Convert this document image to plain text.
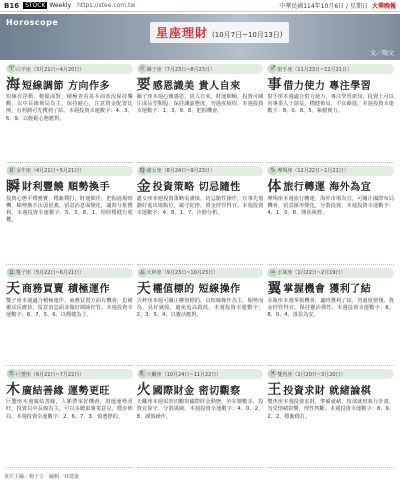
B16	STOCK Weekly https://stee.com.tw	中華民國114年10月6日 / 星期日 大華晚報
Horoscope
星座理財 (10月7日~10月13日)
文／陶文
♈ 白羊座（3月21日~4月20日）
海 短線調節 方向作多
短線有浮動，輕鬆面對，積極查看基本面狀況保持樂觀，以中長線佈局為主，保持耐心，注意資金配置比例，有利潤可先獲利了結。本週投資幸運數字：4、3、6、9、以輕鬆心態應對。
♉ 金牛座（4月21日~5月21日）
瞬 財利豐饒 順勢換手
投資心態平穩務實，穩紮穩打，財運頗佳，把握進場時機，順勢換手汰弱留強，留意消息面變化，適時分批獲利。本週投資幸運數字：5、3、8、1、理財穩健有收穫。
♊ 雙子座（5月22日~6月21日）
天 商務買賣 積極運作
雙子座本週適合積極運作，商務買賣方面有機會，思緒靈活反應快，留意消息面並做好風險控管。本週投資幸運數字：8、7、5、6、以穩健為主。
♋ 巨蟹座（6月22日~7月22日）
木 廣結善緣 運勢更旺
巨蟹座本週廣結善緣，人脈帶來好機會，財運運勢更旺，投資以中長線為主，可以多聽取專業意見，穩步佈局。本週投資幸運數字：2、6、7、3、慎選標的。
♌ 獅子座（7月23日~8月23日）
要 感恩識美 貴人自來
獅子座本週心懷感恩，貴人自來，財運順暢，投資可關注成長型類股，保持謙虛態度，勿過度槓桿。本週投資幸運數字：1、3、9、8、把握機會。
♍ 處女座（8月24日~9月23日）
金 投資策略 切忌隨性
處女座本週投資策略需謹慎，切忌隨性操作，宜事先規劃好進出場點位，嚴守紀律，資金控管得宜。本週投資幸運數字：4、8、1、7、冷靜分析。
♎ 天秤座（9月23日~10月23日）
天 權值標的 短線操作
天秤座本週可關注權值標的，以短線操作為主，順勢而為，見好就收，避免追高殺低。本週投資幸運數字：2、3、5、4、以靈活應對。
♏ 天蠍座（10月24日~11月22日）
火 國際財金 密切觀察
天蠍座本週需密切觀察國際財金動態，外在變數多，投資宜保守，分散風險。本週投資幸運數字：4、0、2、8、謹慎操作。
♐ 射手座（11月23日~12月21日）
事 借力使力 專注學習
射手座本週適合借力使力，專注學習新知，投資上可以向專業人士請益，穩健佈局，不宜躁進。本週投資幸運數字：8、0、8、5、累積實力。
♑ 摩羯座（12月22日~1月21日）
体 旅行轉運 海外為宜
摩羯座本週旅行轉運，海外市場為宜，可關注國際布局機會，留意匯率變化，分散投資。本週投資幸運數字：4、1、0、8、開拓視野。
♒ 水瓶座（1月22日~2月19日）
翼 掌握機會 獲利了結
水瓶座本週掌握機會，適時獲利了結，勿過度戀棧，資金控管得宜，保持靈活彈性。本週投資幸運數字：8、8、0、4、落袋為安。
♓ 雙魚座（2月20日~3月20日）
王 投資求財 就緒論棋
雙魚座本週投資求財，準備就緒，按部就班執行計畫，勿受情緒影響，理性判斷。本週投資幸運數字：8、9、2、2、穩紮穩打。
責任主編／楊子吉　編輯／林建築
